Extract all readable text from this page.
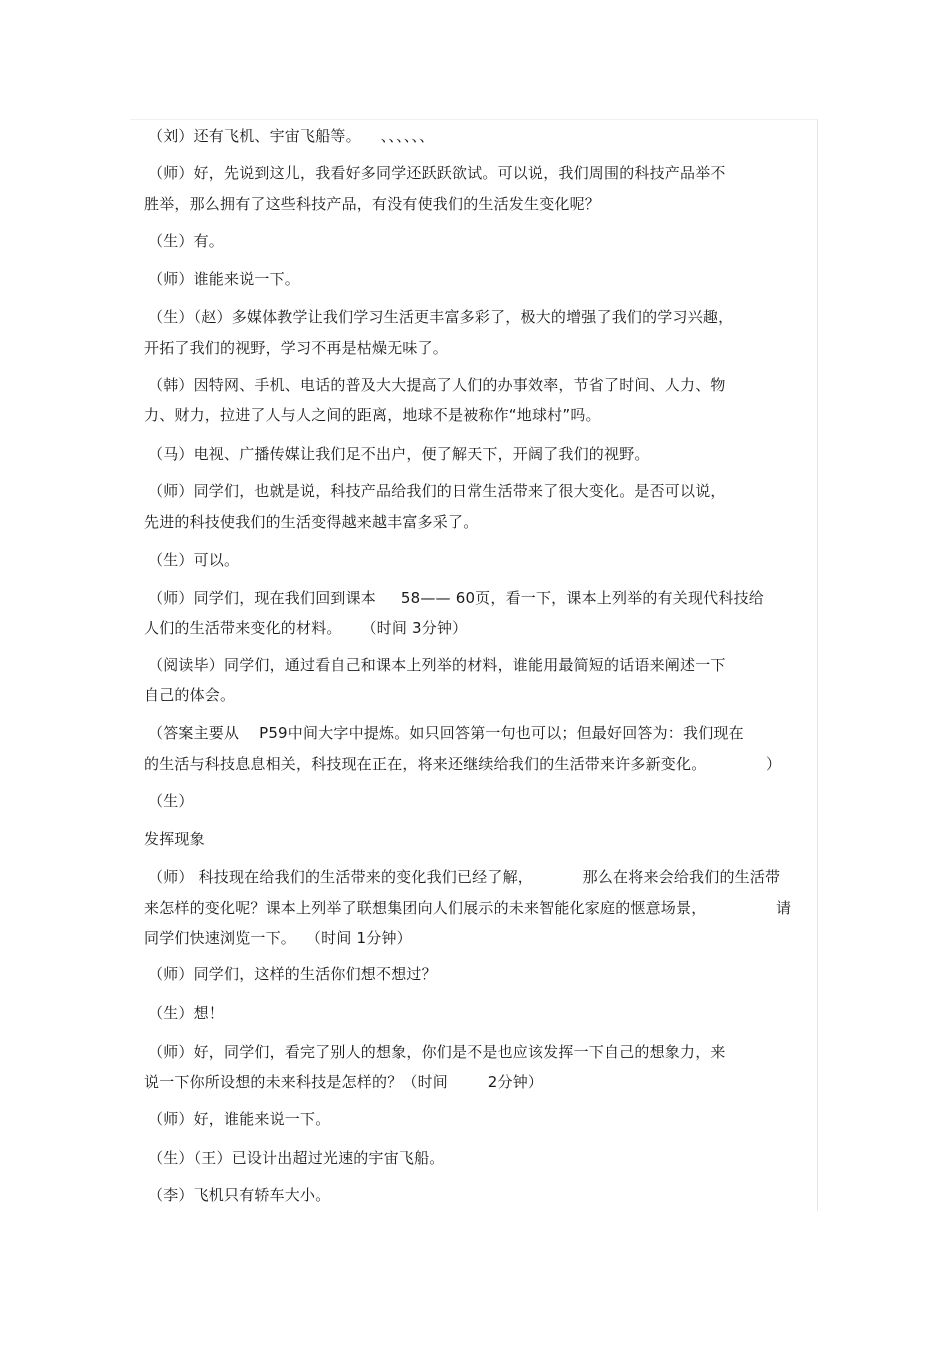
（刘）还有飞机、宇宙飞船等。    、、、、、、
（师）好，先说到这儿，我看好多同学还跃跃欲试。可以说，我们周围的科技产品举不
胜举，那么拥有了这些科技产品，有没有使我们的生活发生变化呢？
（生）有。
（师）谁能来说一下。
（生）（赵）多媒体教学让我们学习生活更丰富多彩了，极大的增强了我们的学习兴趣，
开拓了我们的视野，学习不再是枯燥无味了。
（韩）因特网、手机、电话的普及大大提高了人们的办事效率，节省了时间、人力、物
力、财力，拉进了人与人之间的距离，地球不是被称作“地球村”吗。
（马）电视、广播传媒让我们足不出户，便了解天下，开阔了我们的视野。
（师）同学们，也就是说，科技产品给我们的日常生活带来了很大变化。是否可以说，
先进的科技使我们的生活变得越来越丰富多采了。
（生）可以。
（师）同学们，现在我们回到课本     58—— 60页，看一下，课本上列举的有关现代科技给
人们的生活带来变化的材料。    （时间 3分钟）
（阅读毕）同学们，通过看自己和课本上列举的材料，谁能用最简短的话语来阐述一下
自己的体会。
（答案主要从    P59中间大字中提炼。如只回答第一句也可以；但最好回答为：我们现在
的生活与科技息息相关，科技现在正在，将来还继续给我们的生活带来许多新变化。            ）
（生）
发挥现象
（师） 科技现在给我们的生活带来的变化我们已经了解，          那么在将来会给我们的生活带
来怎样的变化呢？课本上列举了联想集团向人们展示的未来智能化家庭的惬意场景，              请
同学们快速浏览一下。  （时间 1分钟）
（师）同学们，这样的生活你们想不想过？
（生）想！
（师）好，同学们，看完了别人的想象，你们是不是也应该发挥一下自己的想象力，来
说一下你所设想的未来科技是怎样的？（时间        2分钟）
（师）好，谁能来说一下。
（生）（王）已设计出超过光速的宇宙飞船。
（李）飞机只有轿车大小。
